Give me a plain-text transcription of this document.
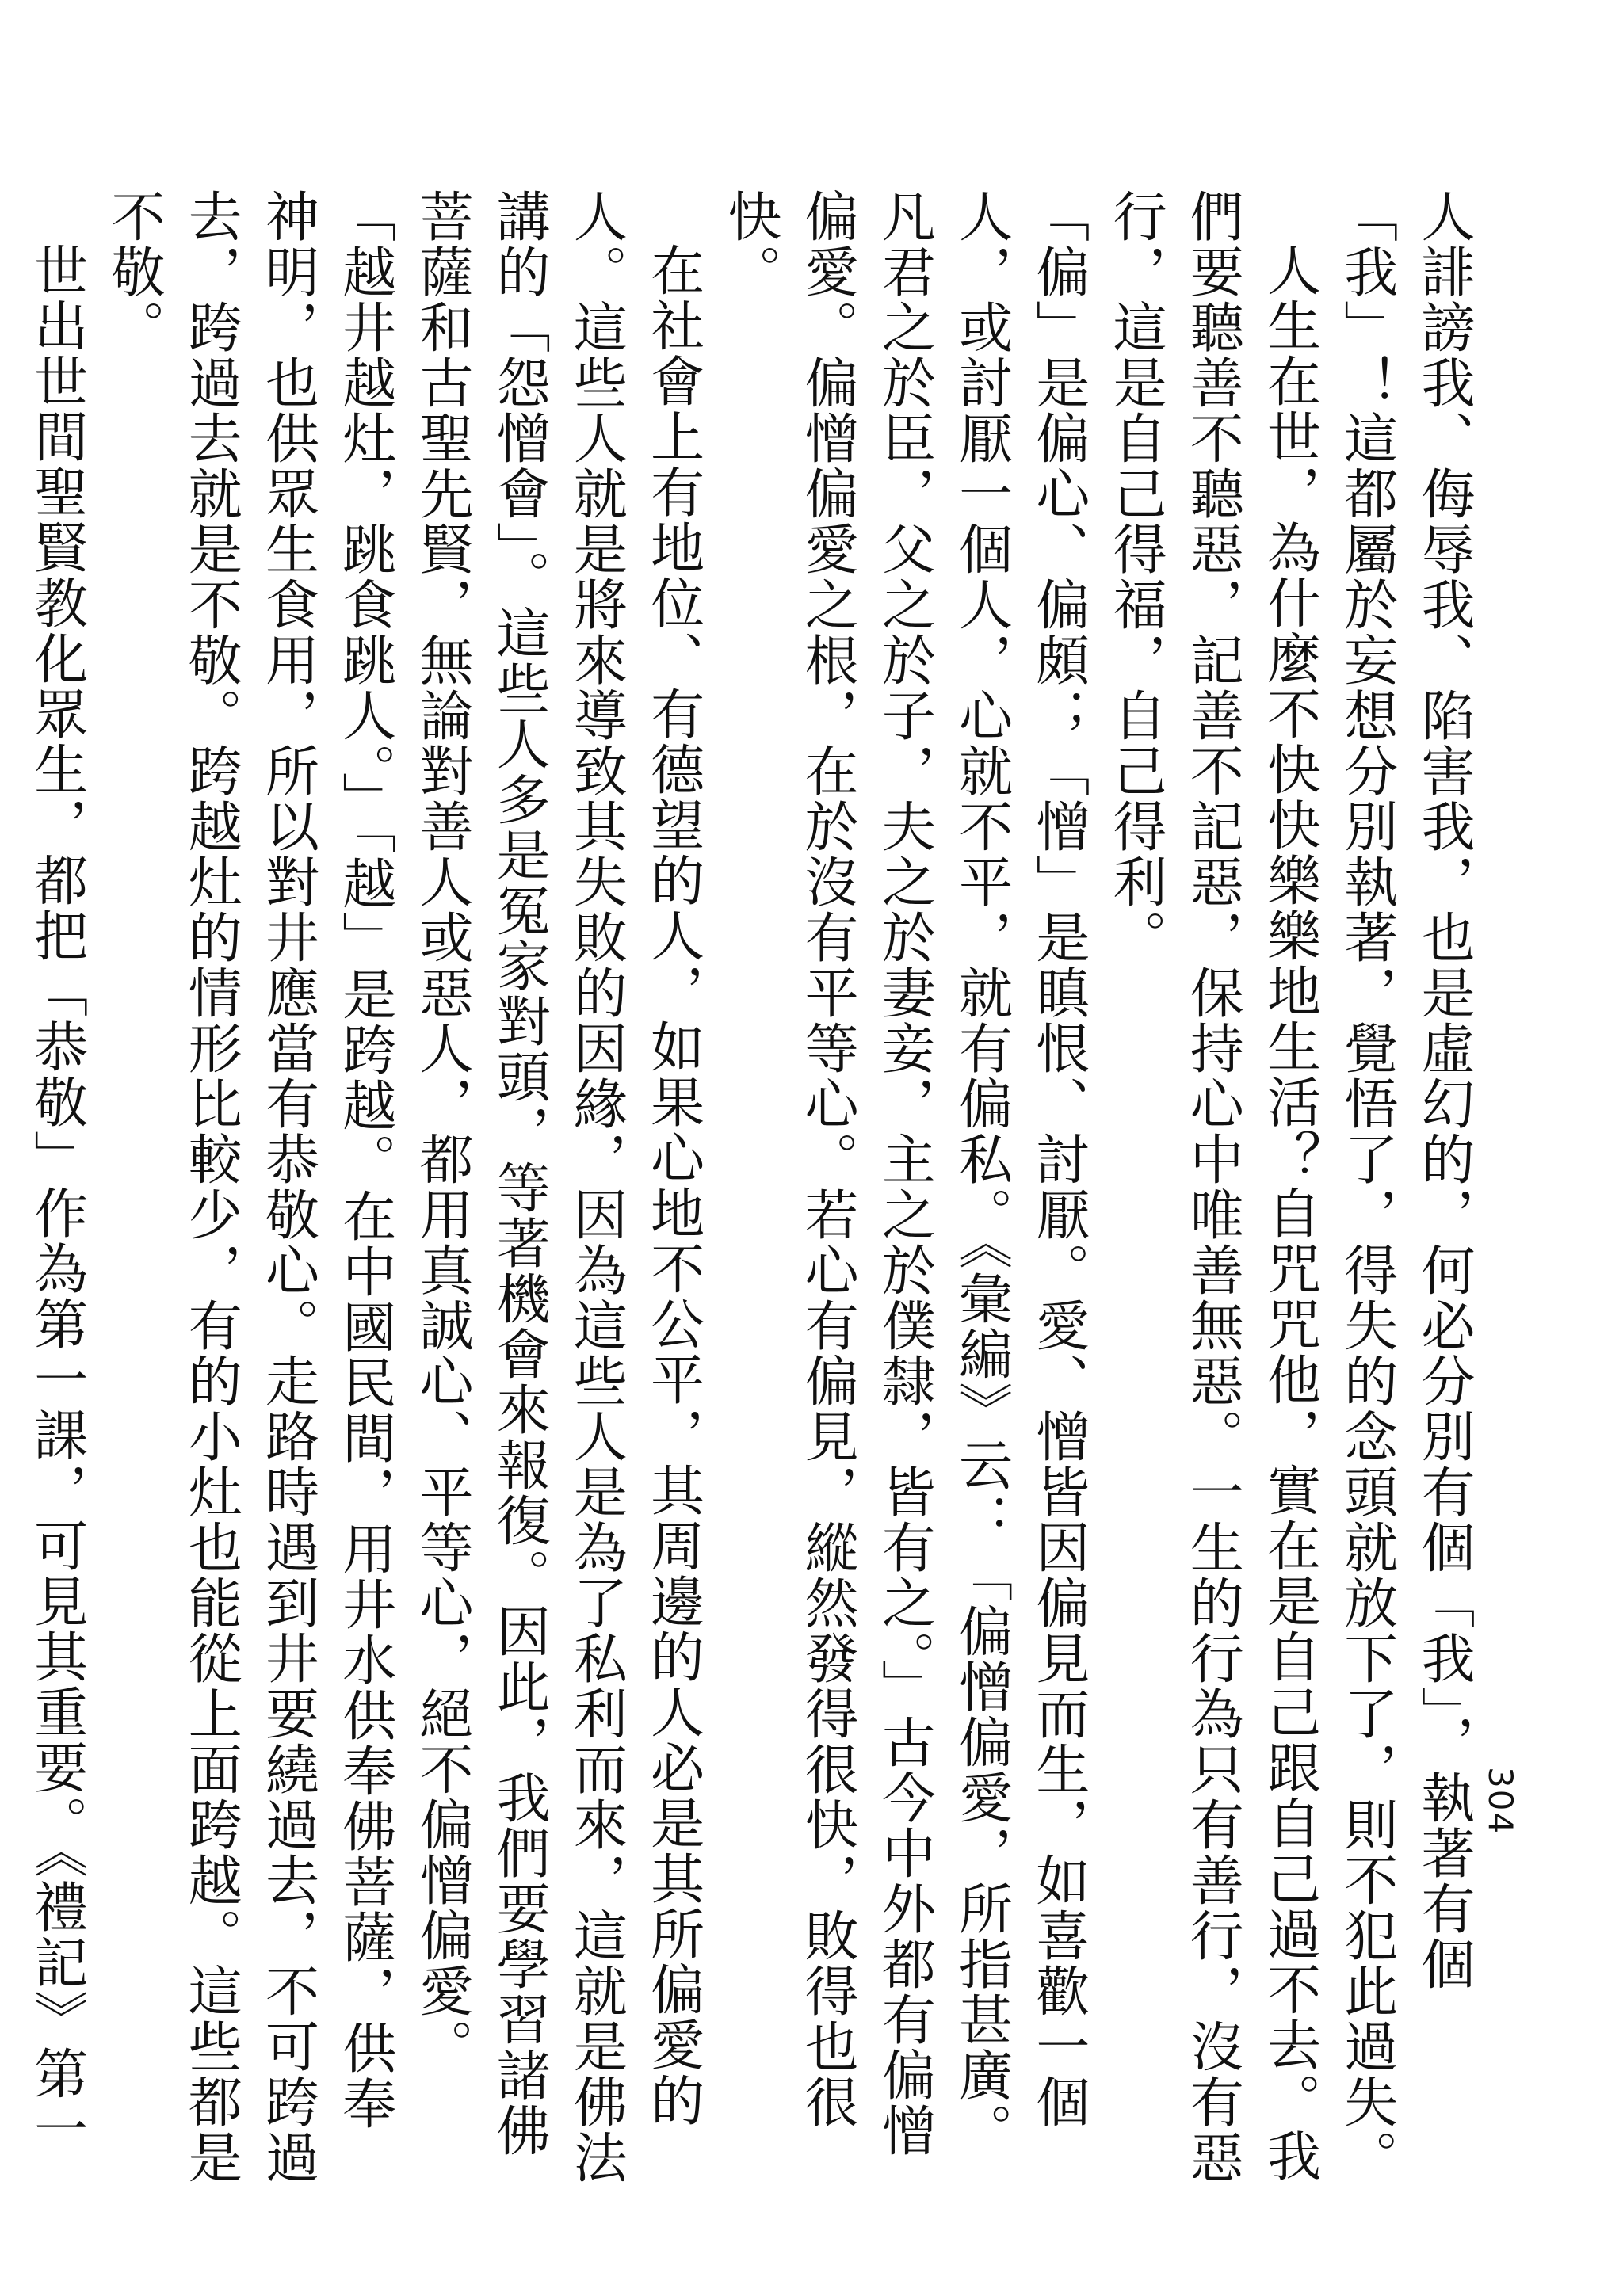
304

人誹謗我、侮辱我、陷害我，也是虛幻的，何必分別有個「我」，執著有個「我」！這都屬於妄想分別執著，覺悟了，得失的念頭就放下了，則不犯此過失。

人生在世，為什麼不快快樂樂地生活？自咒咒他，實在是自己跟自己過不去。我們要聽善不聽惡，記善不記惡，保持心中唯善無惡。一生的行為只有善行，沒有惡行，這是自己得福，自己得利。

「偏」是偏心、偏頗；「憎」是瞋恨、討厭。愛、憎皆因偏見而生，如喜歡一個人，或討厭一個人，心就不平，就有偏私。《彙編》云：「偏憎偏愛，所指甚廣。凡君之於臣，父之於子，夫之於妻妾，主之於僕隸，皆有之。」古今中外都有偏憎偏愛。偏憎偏愛之根，在於沒有平等心。若心有偏見，縱然發得很快，敗得也很快。

在社會上有地位、有德望的人，如果心地不公平，其周邊的人必是其所偏愛的人。這些人就是將來導致其失敗的因緣，因為這些人是為了私利而來，這就是佛法講的「怨憎會」。這些人多是冤家對頭，等著機會來報復。因此，我們要學習諸佛菩薩和古聖先賢，無論對善人或惡人，都用真誠心、平等心，絕不偏憎偏愛。

「越井越灶，跳食跳人。」「越」是跨越。在中國民間，用井水供奉佛菩薩，供奉神明，也供眾生食用，所以對井應當有恭敬心。走路時遇到井要繞過去，不可跨過去，跨過去就是不敬。跨越灶的情形比較少，有的小灶也能從上面跨越。這些都是不敬。

世出世間聖賢教化眾生，都把「恭敬」作為第一課，可見其重要。《禮記》第一
